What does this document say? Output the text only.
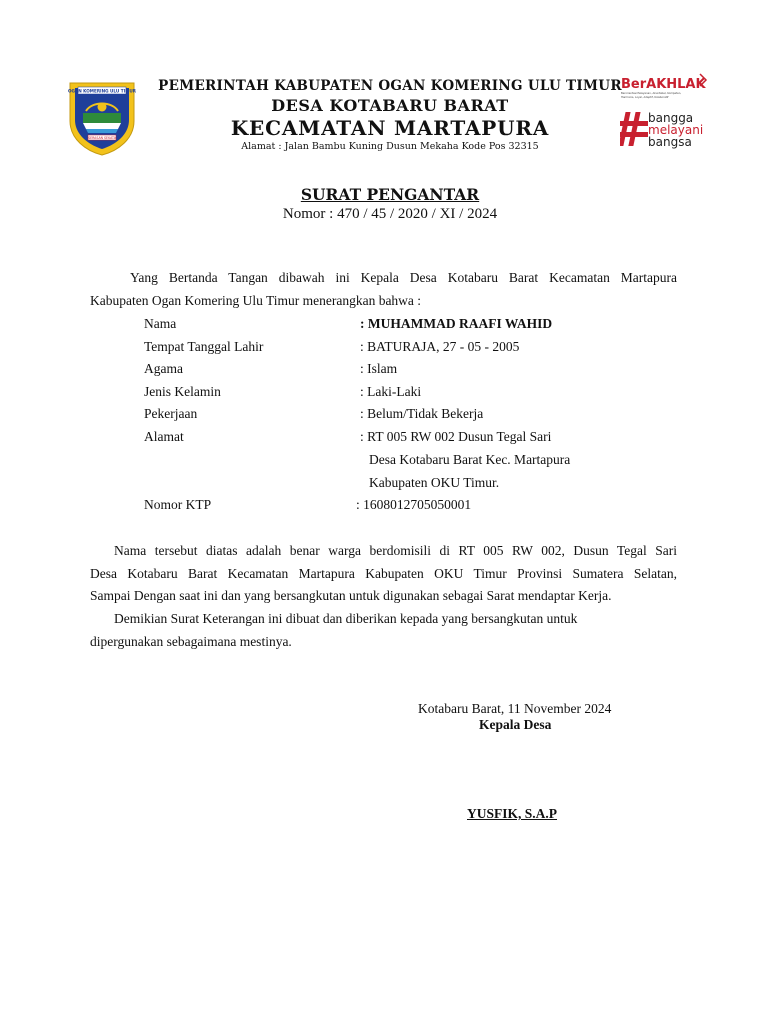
OGAN KOMERING ULU TIMUR
SERASAN SEKATA
PEMERINTAH KABUPATEN OGAN KOMERING ULU TIMUR
DESA KOTABARU BARAT
KECAMATAN MARTAPURA
Alamat : Jalan Bambu Kuning Dusun Mekaha Kode Pos 32315
BerAKHLAK
Berorientasi Pelayanan, Akuntabel, Kompeten,
Harmonis, Loyal, Adaptif, Kolaboratif
bangga
melayani
bangsa
SURAT PENGANTAR
Nomor : 470 / 45 / 2020 / XI / 2024
Yang Bertanda Tangan dibawah ini Kepala Desa Kotabaru Barat Kecamatan Martapura
Kabupaten Ogan Komering Ulu Timur menerangkan bahwa :
Nama	: MUHAMMAD RAAFI WAHID
Tempat Tanggal Lahir	: BATURAJA, 27 - 05 - 2005
Agama	: Islam
Jenis Kelamin	: Laki-Laki
Pekerjaan	: Belum/Tidak Bekerja
Alamat	: RT 005 RW 002 Dusun Tegal Sari
Desa Kotabaru Barat Kec. Martapura
Kabupaten OKU Timur.
Nomor KTP	: 1608012705050001
Nama tersebut diatas adalah benar warga berdomisili di RT 005 RW 002, Dusun Tegal Sari
Desa Kotabaru Barat Kecamatan Martapura Kabupaten OKU Timur Provinsi Sumatera Selatan,
Sampai Dengan saat ini dan yang bersangkutan untuk digunakan sebagai Sarat mendaptar Kerja.
Demikian Surat Keterangan ini dibuat dan diberikan kepada yang bersangkutan untuk
dipergunakan sebagaimana mestinya.
Kotabaru Barat, 11 November 2024
Kepala Desa
YUSFIK, S.A.P
